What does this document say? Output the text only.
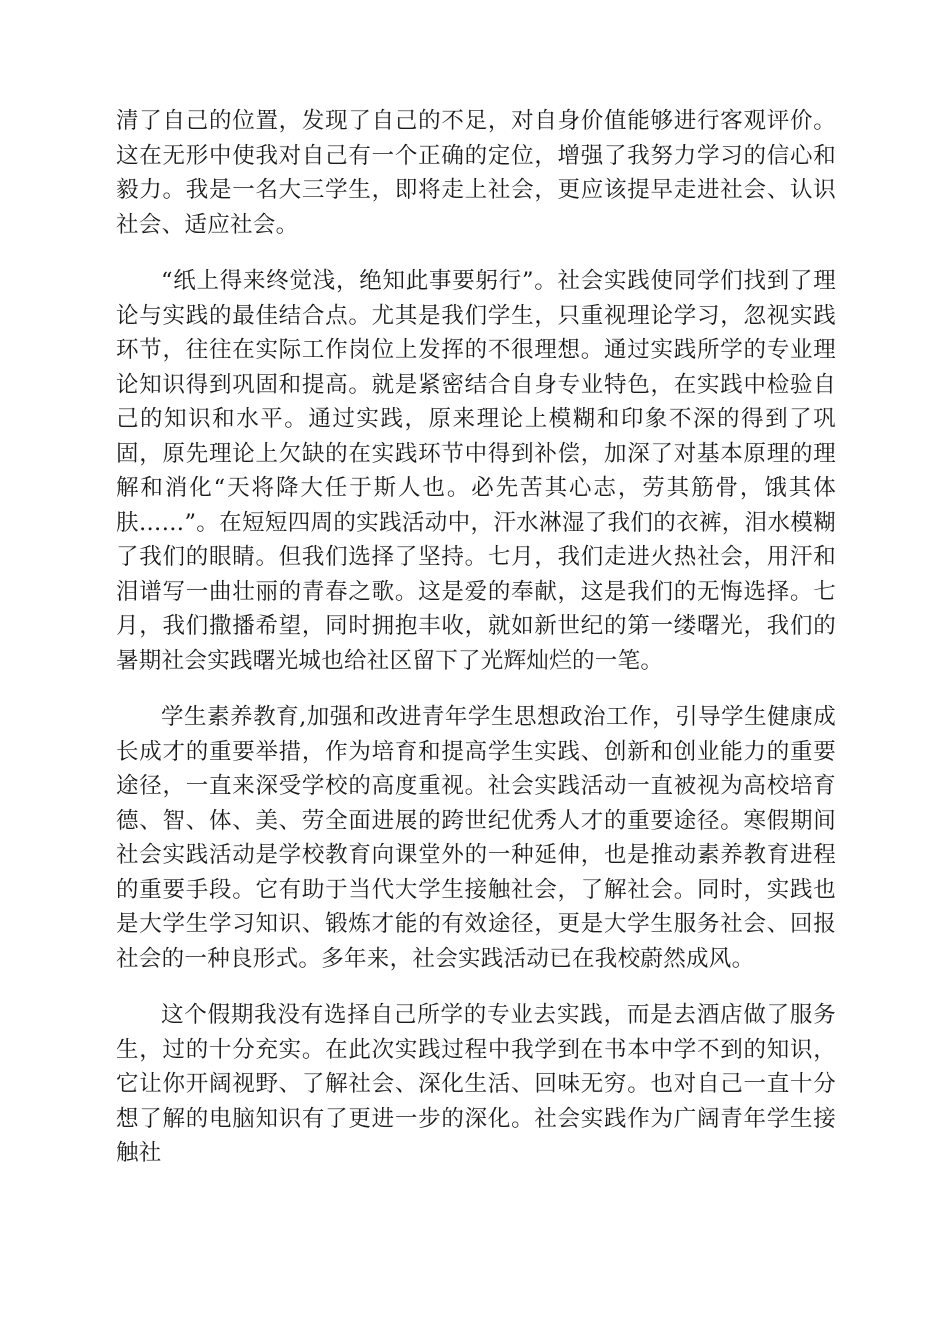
清了自己的位置，发现了自己的不足，对自身价值能够进行客观评价。这在无形中使我对自己有一个正确的定位，增强了我努力学习的信心和毅力。我是一名大三学生，即将走上社会，更应该提早走进社会、认识社会、适应社会。

“纸上得来终觉浅，绝知此事要躬行”。社会实践使同学们找到了理论与实践的最佳结合点。尤其是我们学生，只重视理论学习，忽视实践环节，往往在实际工作岗位上发挥的不很理想。通过实践所学的专业理论知识得到巩固和提高。就是紧密结合自身专业特色，在实践中检验自己的知识和水平。通过实践，原来理论上模糊和印象不深的得到了巩固，原先理论上欠缺的在实践环节中得到补偿，加深了对基本原理的理解和消化“天将降大任于斯人也。必先苦其心志，劳其筋骨，饿其体肤……”。在短短四周的实践活动中，汗水淋湿了我们的衣裤，泪水模糊了我们的眼睛。但我们选择了坚持。七月，我们走进火热社会，用汗和泪谱写一曲壮丽的青春之歌。这是爱的奉献，这是我们的无悔选择。七月，我们撒播希望，同时拥抱丰收，就如新世纪的第一缕曙光，我们的暑期社会实践曙光城也给社区留下了光辉灿烂的一笔。

学生素养教育,加强和改进青年学生思想政治工作，引导学生健康成长成才的重要举措，作为培育和提高学生实践、创新和创业能力的重要途径，一直来深受学校的高度重视。社会实践活动一直被视为高校培育德、智、体、美、劳全面进展的跨世纪优秀人才的重要途径。寒假期间社会实践活动是学校教育向课堂外的一种延伸，也是推动素养教育进程的重要手段。它有助于当代大学生接触社会，了解社会。同时，实践也是大学生学习知识、锻炼才能的有效途径，更是大学生服务社会、回报社会的一种良形式。多年来，社会实践活动已在我校蔚然成风。

这个假期我没有选择自己所学的专业去实践，而是去酒店做了服务生，过的十分充实。在此次实践过程中我学到在书本中学不到的知识，它让你开阔视野、了解社会、深化生活、回味无穷。也对自己一直十分想了解的电脑知识有了更进一步的深化。社会实践作为广阔青年学生接触社
